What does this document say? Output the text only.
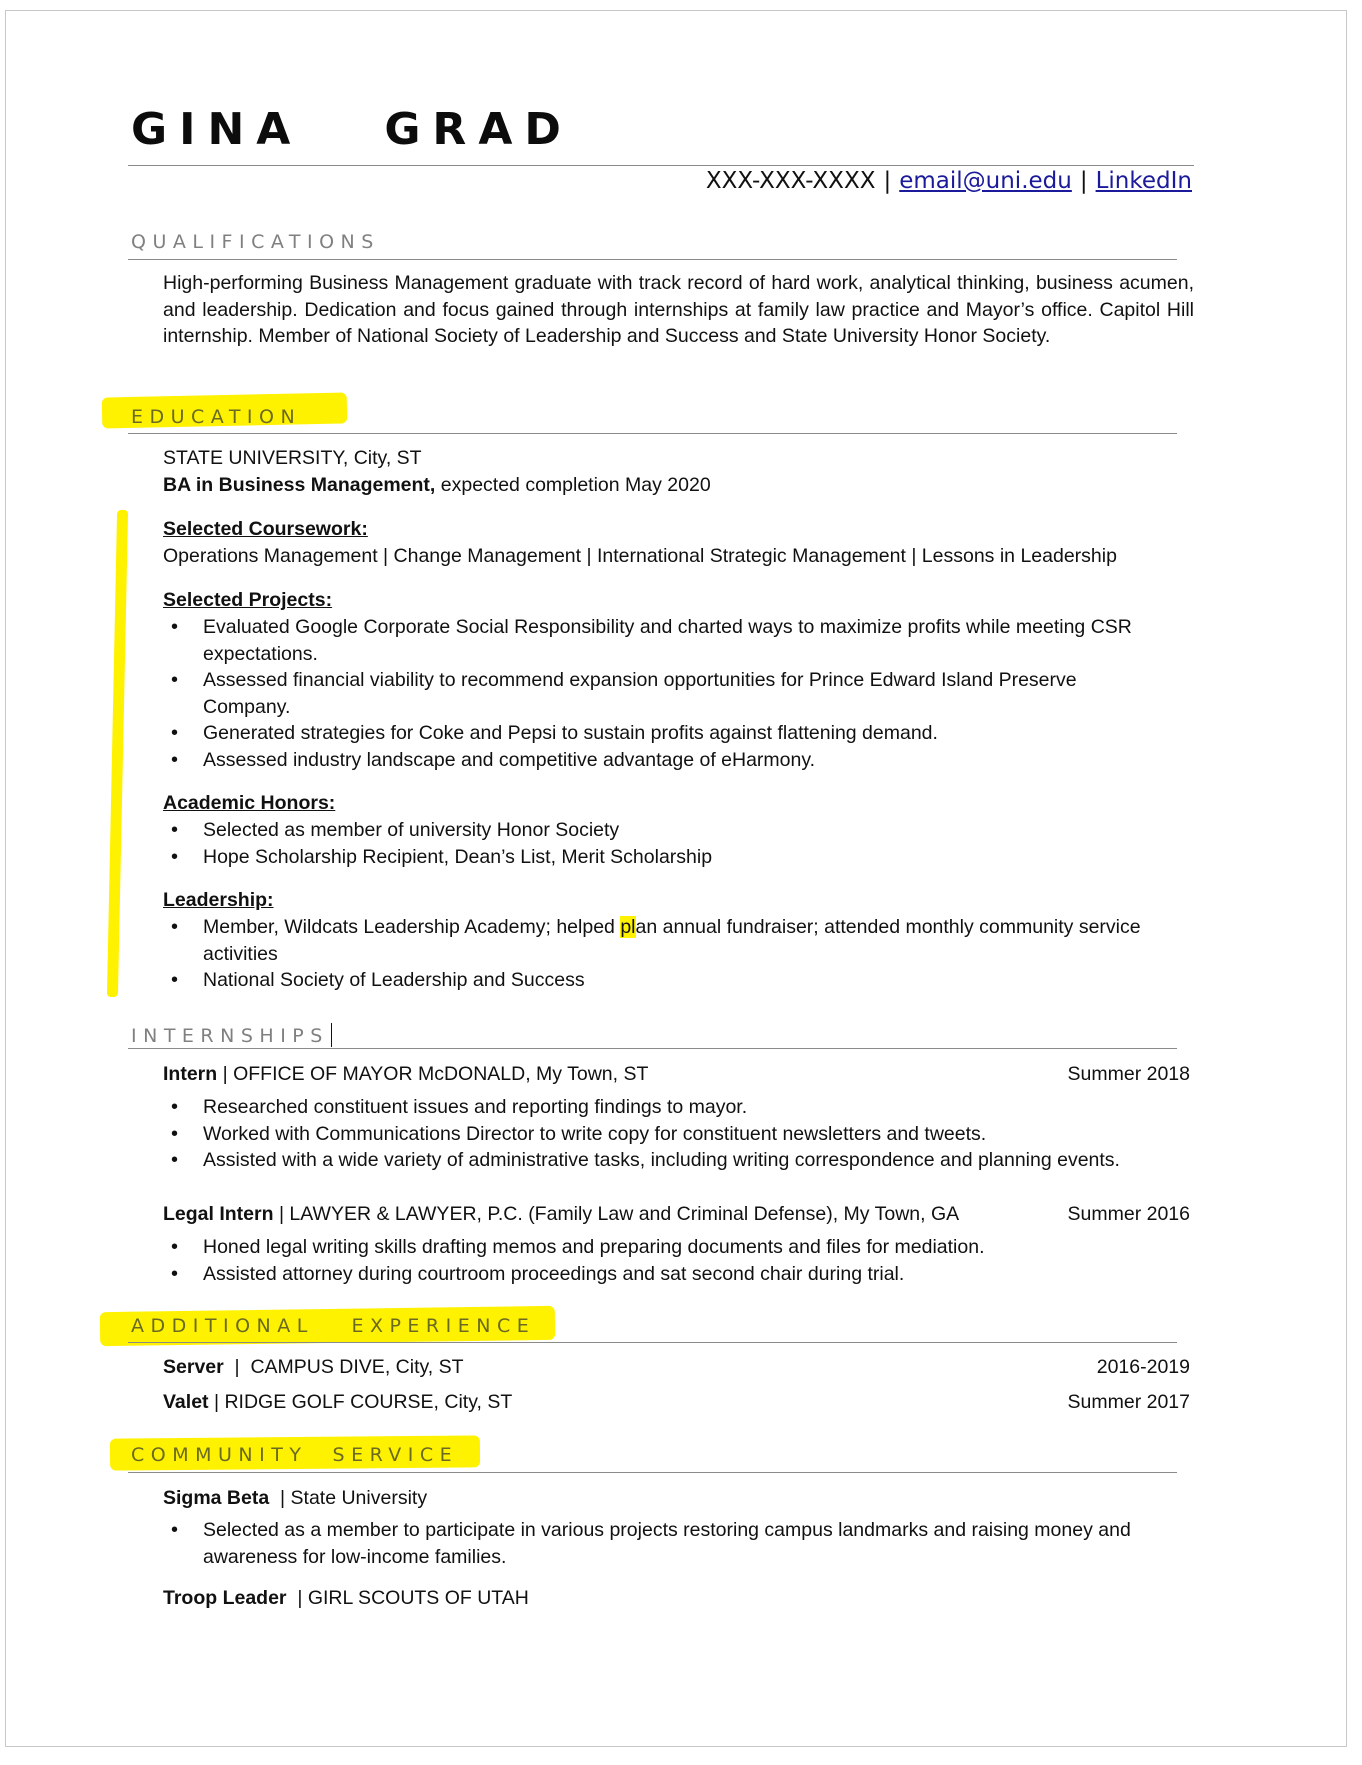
GINA   GRAD
XXX-XXX-XXXX | email@uni.edu | LinkedIn
QUALIFICATIONS
High-performing Business Management graduate with track record of hard work, analytical thinking, business acumen, and leadership. Dedication and focus gained through internships at family law practice and Mayor’s office. Capitol Hill internship. Member of National Society of Leadership and Success and State University Honor Society.
EDUCATION
STATE UNIVERSITY, City, ST
BA in Business Management, expected completion May 2020
Selected Coursework:
Operations Management | Change Management | International Strategic Management | Lessons in Leadership
Selected Projects:
• Evaluated Google Corporate Social Responsibility and charted ways to maximize profits while meeting CSR expectations.
• Assessed financial viability to recommend expansion opportunities for Prince Edward Island Preserve Company.
• Generated strategies for Coke and Pepsi to sustain profits against flattening demand.
• Assessed industry landscape and competitive advantage of eHarmony.
Academic Honors:
• Selected as member of university Honor Society
• Hope Scholarship Recipient, Dean’s List, Merit Scholarship
Leadership:
• Member, Wildcats Leadership Academy; helped plan annual fundraiser; attended monthly community service activities
• National Society of Leadership and Success
INTERNSHIPS
Intern | OFFICE OF MAYOR McDONALD, My Town, ST	Summer 2018
• Researched constituent issues and reporting findings to mayor.
• Worked with Communications Director to write copy for constituent newsletters and tweets.
• Assisted with a wide variety of administrative tasks, including writing correspondence and planning events.
Legal Intern | LAWYER & LAWYER, P.C. (Family Law and Criminal Defense), My Town, GA	Summer 2016
• Honed legal writing skills drafting memos and preparing documents and files for mediation.
• Assisted attorney during courtroom proceedings and sat second chair during trial.
ADDITIONAL   EXPERIENCE
Server  |  CAMPUS DIVE, City, ST	2016-2019
Valet | RIDGE GOLF COURSE, City, ST	Summer 2017
COMMUNITY  SERVICE
Sigma Beta  | State University
• Selected as a member to participate in various projects restoring campus landmarks and raising money and awareness for low-income families.
Troop Leader  | GIRL SCOUTS OF UTAH
